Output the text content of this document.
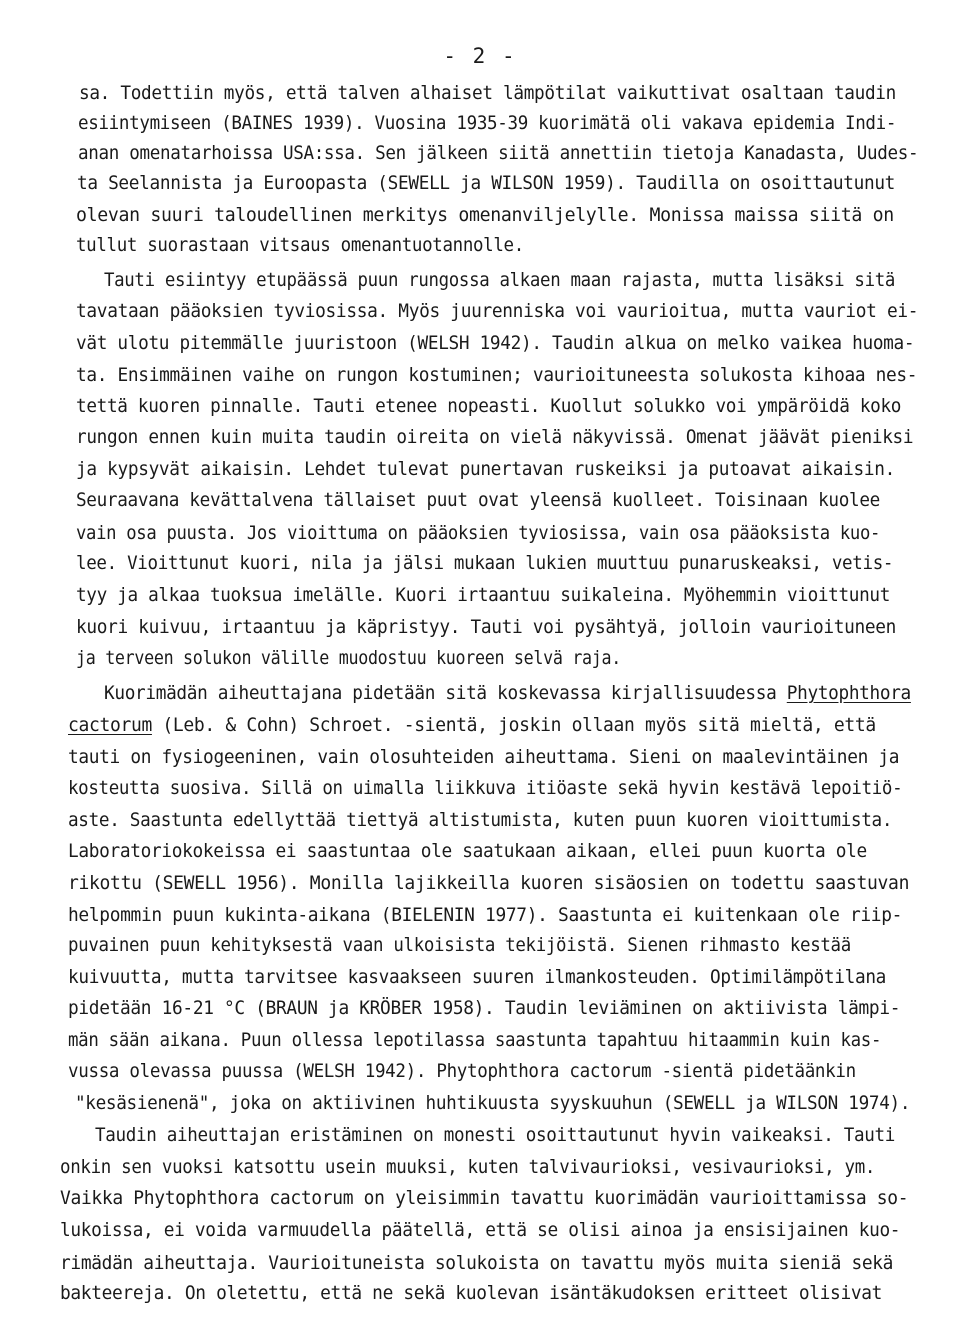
- 2 -
sa. Todettiin myös, että talven alhaiset lämpötilat vaikuttivat osaltaan taudin
esiintymiseen (BAINES 1939). Vuosina 1935-39 kuorimätä oli vakava epidemia Indi-
anan omenatarhoissa USA:ssa. Sen jälkeen siitä annettiin tietoja Kanadasta, Uudes-
ta Seelannista ja Euroopasta (SEWELL ja WILSON 1959). Taudilla on osoittautunut
olevan suuri taloudellinen merkitys omenanviljelylle. Monissa maissa siitä on
tullut suorastaan vitsaus omenantuotannolle.
Tauti esiintyy etupäässä puun rungossa alkaen maan rajasta, mutta lisäksi sitä
tavataan pääoksien tyviosissa. Myös juurenniska voi vaurioitua, mutta vauriot ei-
vät ulotu pitemmälle juuristoon (WELSH 1942). Taudin alkua on melko vaikea huoma-
ta. Ensimmäinen vaihe on rungon kostuminen; vaurioituneesta solukosta kihoaa nes-
tettä kuoren pinnalle. Tauti etenee nopeasti. Kuollut solukko voi ympäröidä koko
rungon ennen kuin muita taudin oireita on vielä näkyvissä. Omenat jäävät pieniksi
ja kypsyvät aikaisin. Lehdet tulevat punertavan ruskeiksi ja putoavat aikaisin.
Seuraavana kevättalvena tällaiset puut ovat yleensä kuolleet. Toisinaan kuolee
vain osa puusta. Jos vioittuma on pääoksien tyviosissa, vain osa pääoksista kuo-
lee. Vioittunut kuori, nila ja jälsi mukaan lukien muuttuu punaruskeaksi, vetis-
tyy ja alkaa tuoksua imelälle. Kuori irtaantuu suikaleina. Myöhemmin vioittunut
kuori kuivuu, irtaantuu ja käpristyy. Tauti voi pysähtyä, jolloin vaurioituneen
ja terveen solukon välille muodostuu kuoreen selvä raja.
Kuorimädän aiheuttajana pidetään sitä koskevassa kirjallisuudessa Phytophthora
cactorum (Leb. & Cohn) Schroet. -sientä, joskin ollaan myös sitä mieltä, että
tauti on fysiogeeninen, vain olosuhteiden aiheuttama. Sieni on maalevintäinen ja
kosteutta suosiva. Sillä on uimalla liikkuva itiöaste sekä hyvin kestävä lepoitiö-
aste. Saastunta edellyttää tiettyä altistumista, kuten puun kuoren vioittumista.
Laboratoriokokeissa ei saastuntaa ole saatukaan aikaan, ellei puun kuorta ole
rikottu (SEWELL 1956). Monilla lajikkeilla kuoren sisäosien on todettu saastuvan
helpommin puun kukinta-aikana (BIELENIN 1977). Saastunta ei kuitenkaan ole riip-
puvainen puun kehityksestä vaan ulkoisista tekijöistä. Sienen rihmasto kestää
kuivuutta, mutta tarvitsee kasvaakseen suuren ilmankosteuden. Optimilämpötilana
pidetään 16-21 °C (BRAUN ja KRÖBER 1958). Taudin leviäminen on aktiivista lämpi-
män sään aikana. Puun ollessa lepotilassa saastunta tapahtuu hitaammin kuin kas-
vussa olevassa puussa (WELSH 1942). Phytophthora cactorum -sientä pidetäänkin
"kesäsienenä", joka on aktiivinen huhtikuusta syyskuuhun (SEWELL ja WILSON 1974).
Taudin aiheuttajan eristäminen on monesti osoittautunut hyvin vaikeaksi. Tauti
onkin sen vuoksi katsottu usein muuksi, kuten talvivaurioksi, vesivaurioksi, ym.
Vaikka Phytophthora cactorum on yleisimmin tavattu kuorimädän vaurioittamissa so-
lukoissa, ei voida varmuudella päätellä, että se olisi ainoa ja ensisijainen kuo-
rimädän aiheuttaja. Vaurioituneista solukoista on tavattu myös muita sieniä sekä
bakteereja. On oletettu, että ne sekä kuolevan isäntäkudoksen eritteet olisivat
